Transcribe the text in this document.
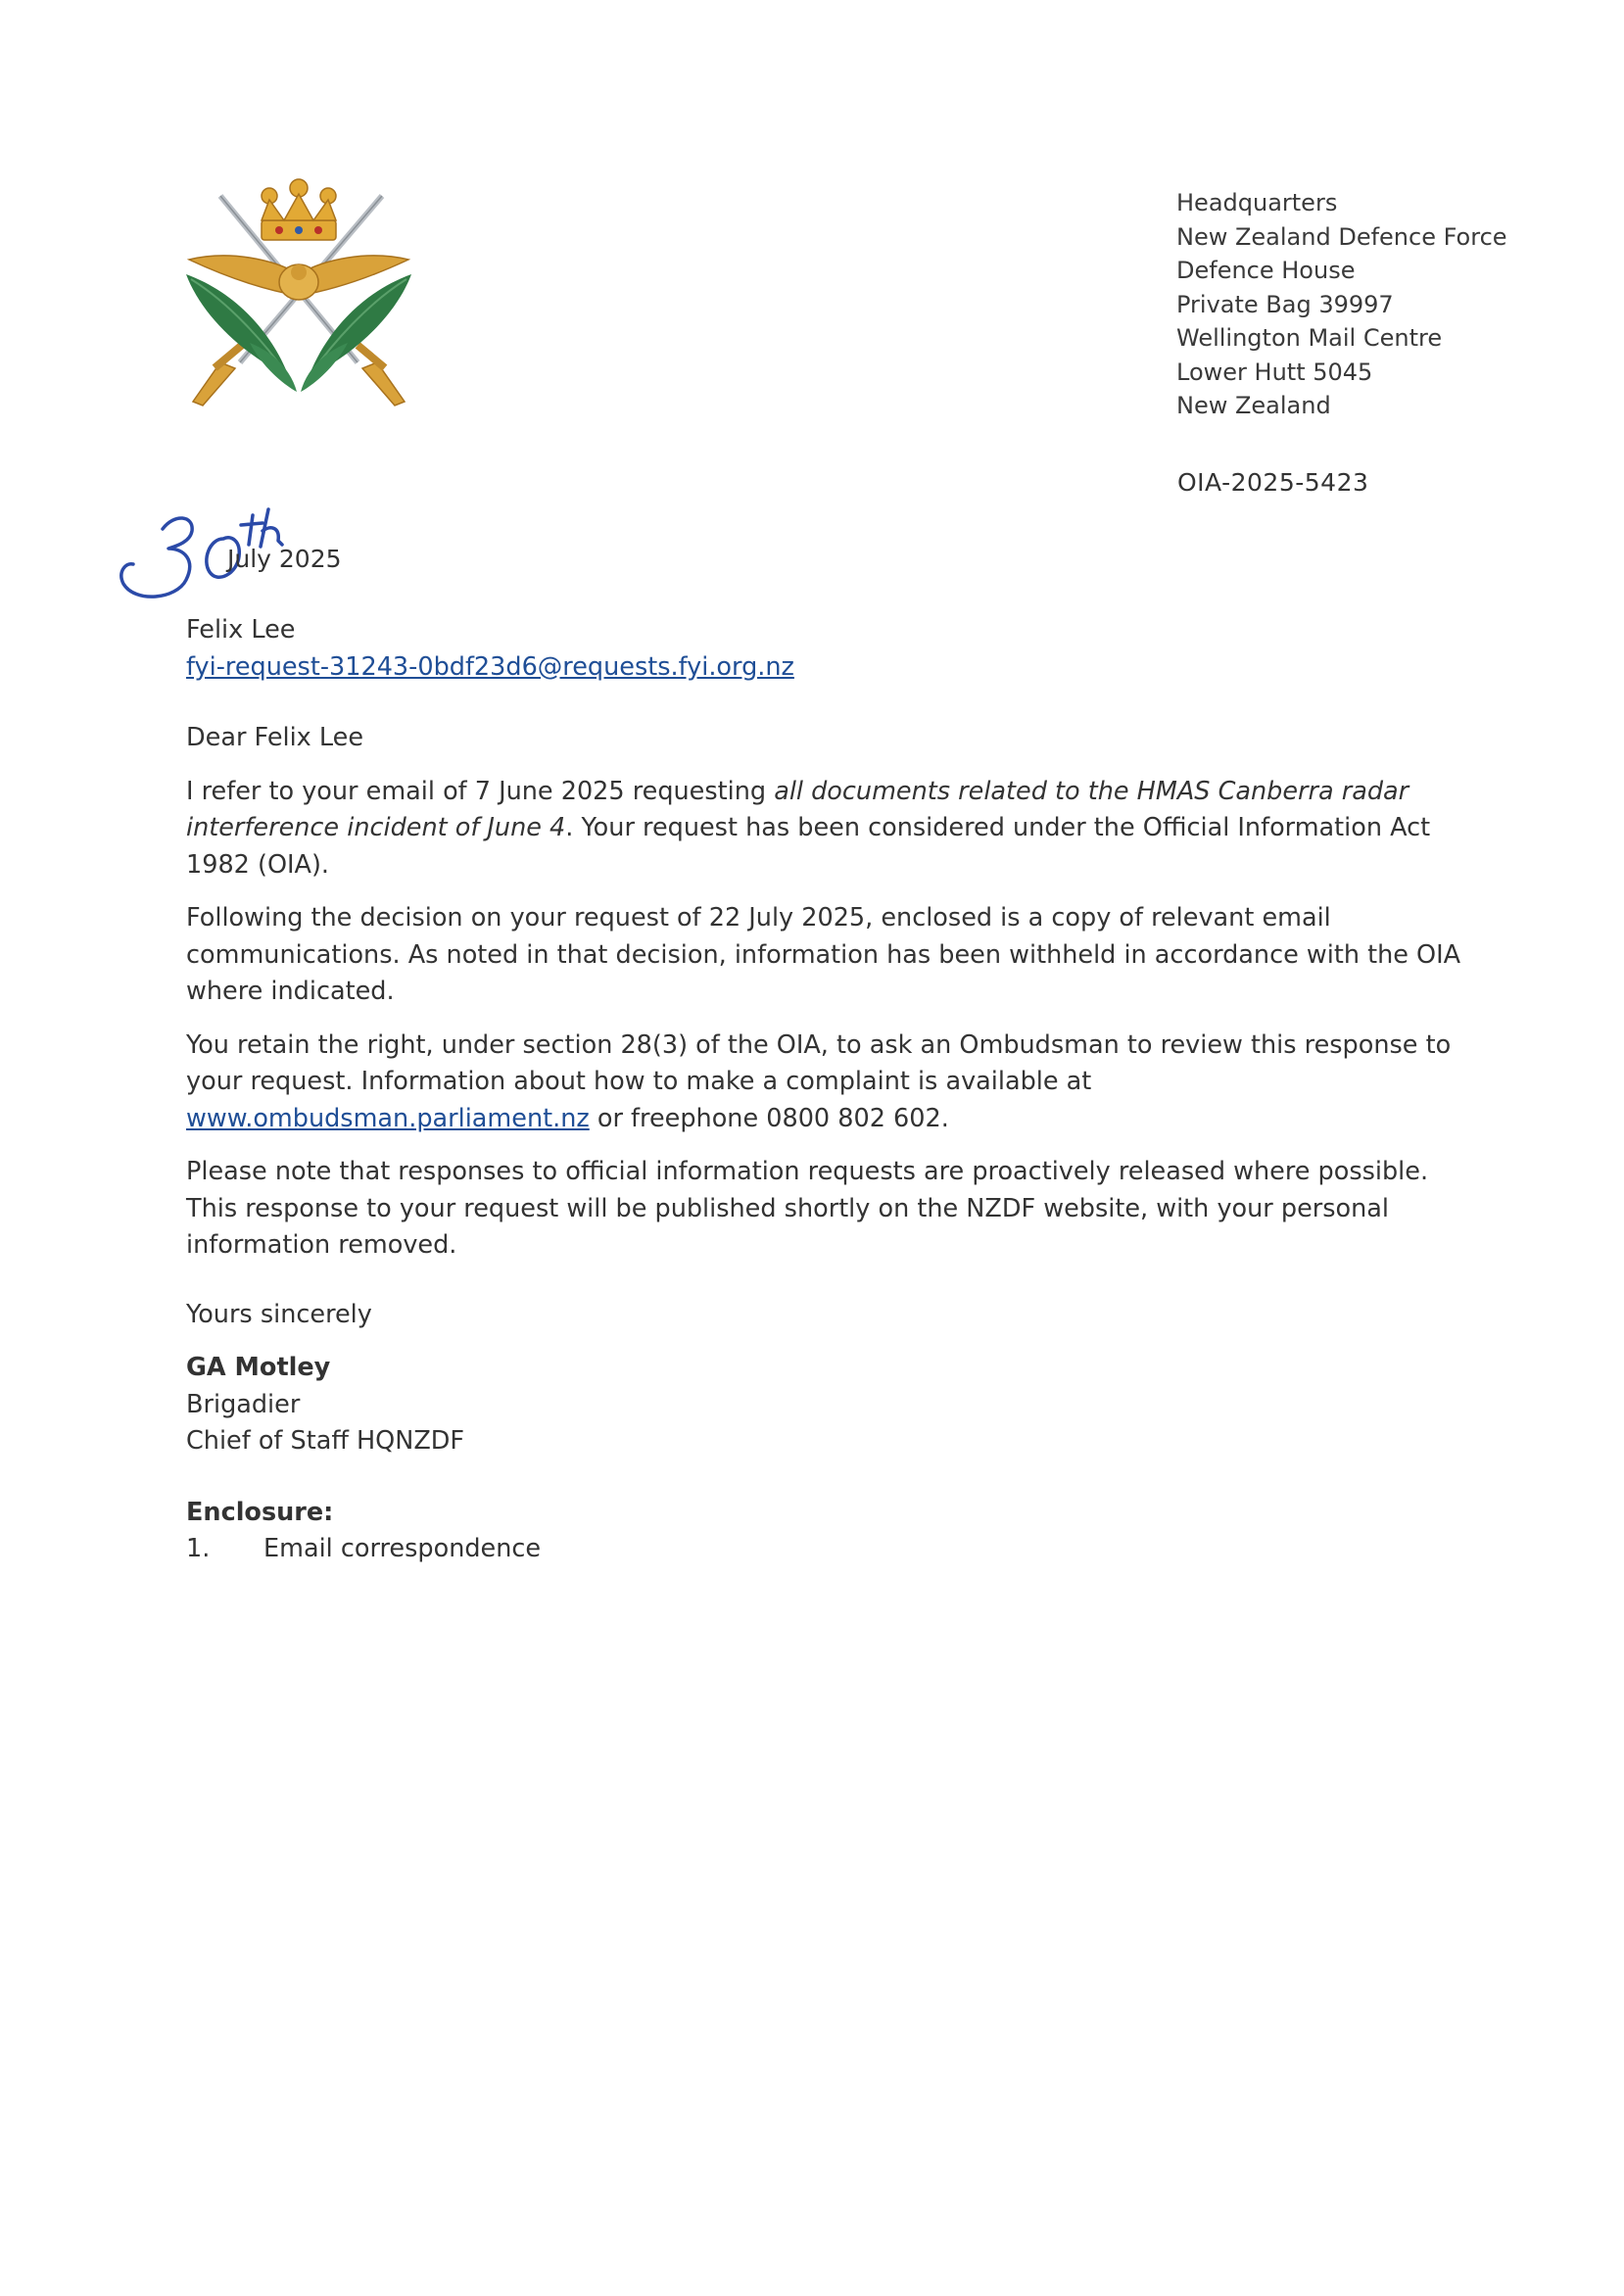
Headquarters
New Zealand Defence Force
Defence House
Private Bag 39997
Wellington Mail Centre
Lower Hutt 5045
New Zealand
OIA-2025-5423
July 2025

Felix Lee

fyi-request-31243-0bdf23d6@requests.fyi.org.nz

Dear Felix Lee

I refer to your email of 7 June 2025 requesting all documents related to the HMAS Canberra radar interference incident of June 4. Your request has been considered under the Official Information Act 1982 (OIA).

Following the decision on your request of 22 July 2025, enclosed is a copy of relevant email communications. As noted in that decision, information has been withheld in accordance with the OIA where indicated.

You retain the right, under section 28(3) of the OIA, to ask an Ombudsman to review this response to your request. Information about how to make a complaint is available at www.ombudsman.parliament.nz or freephone 0800 802 602.

Please note that responses to official information requests are proactively released where possible. This response to your request will be published shortly on the NZDF website, with your personal information removed.

Yours sincerely

GA Motley

Brigadier

Chief of Staff HQNZDF

Enclosure:

1.	Email correspondence
